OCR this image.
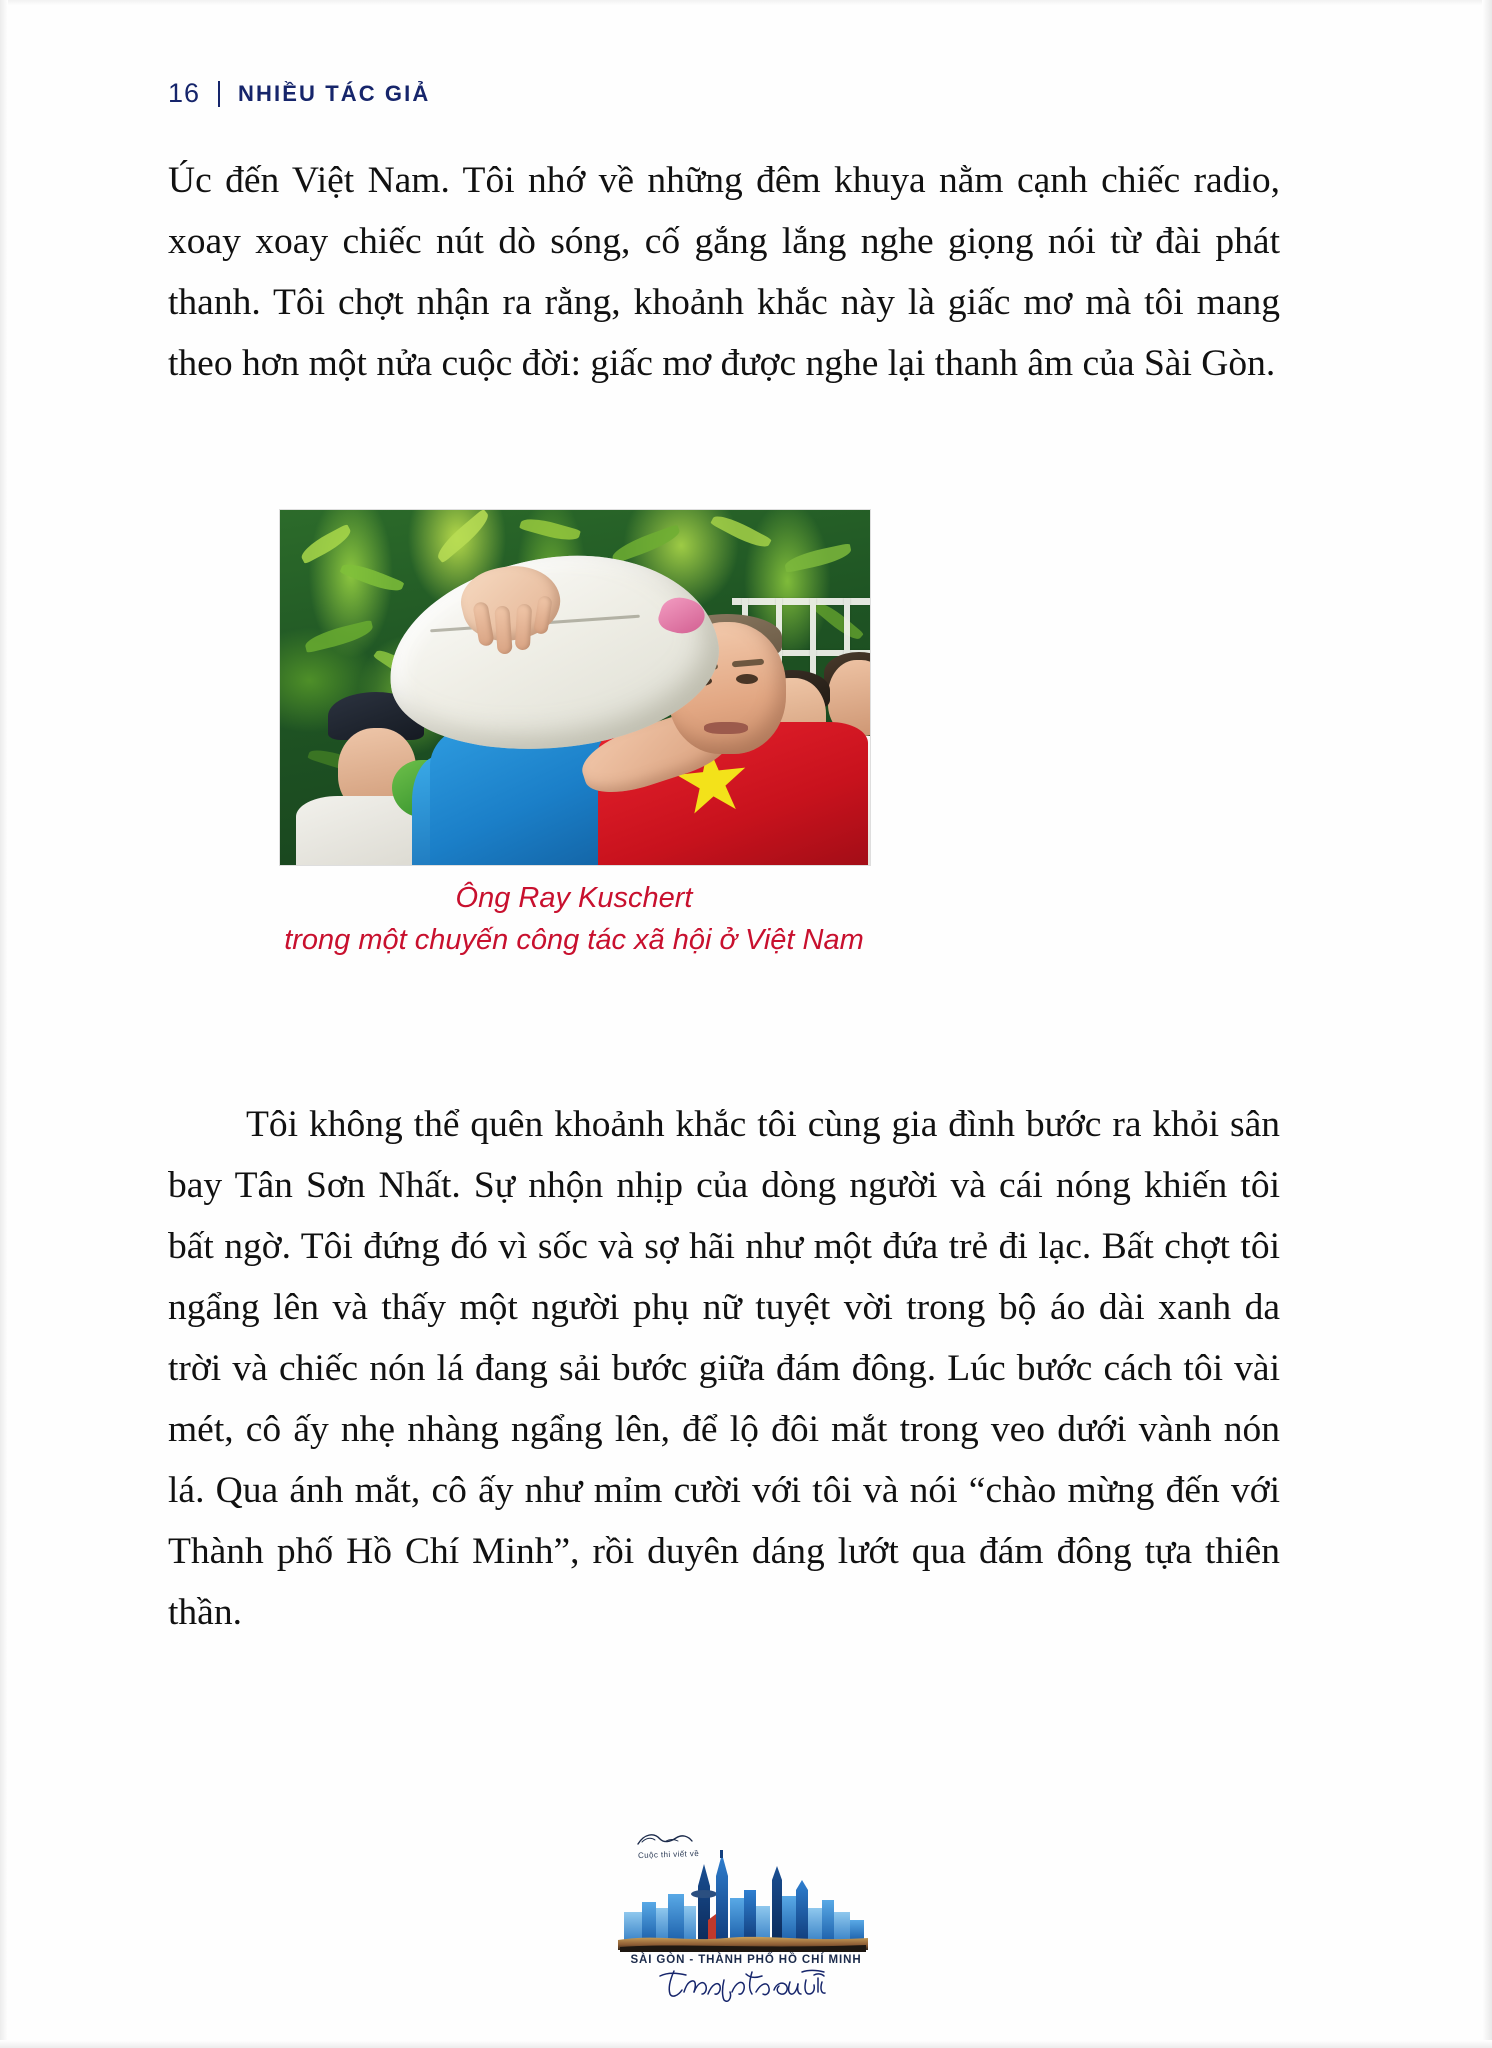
16 NHIỀU TÁC GIẢ

Úc đến Việt Nam. Tôi nhớ về những đêm khuya nằm cạnh chiếc radio, xoay xoay chiếc nút dò sóng, cố gắng lắng nghe giọng nói từ đài phát thanh. Tôi chợt nhận ra rằng, khoảnh khắc này là giấc mơ mà tôi mang theo hơn một nửa cuộc đời: giấc mơ được nghe lại thanh âm của Sài Gòn.

Ông Ray Kuschert
trong một chuyến công tác xã hội ở Việt Nam

Tôi không thể quên khoảnh khắc tôi cùng gia đình bước ra khỏi sân bay Tân Sơn Nhất. Sự nhộn nhịp của dòng người và cái nóng khiến tôi bất ngờ. Tôi đứng đó vì sốc và sợ hãi như một đứa trẻ đi lạc. Bất chợt tôi ngẩng lên và thấy một người phụ nữ tuyệt vời trong bộ áo dài xanh da trời và chiếc nón lá đang sải bước giữa đám đông. Lúc bước cách tôi vài mét, cô ấy nhẹ nhàng ngẩng lên, để lộ đôi mắt trong veo dưới vành nón lá. Qua ánh mắt, cô ấy như mỉm cười với tôi và nói “chào mừng đến với Thành phố Hồ Chí Minh”, rồi duyên dáng lướt qua đám đông tựa thiên thần.

Cuộc thi viết về
SÀI GÒN - THÀNH PHỐ HỒ CHÍ MINH
